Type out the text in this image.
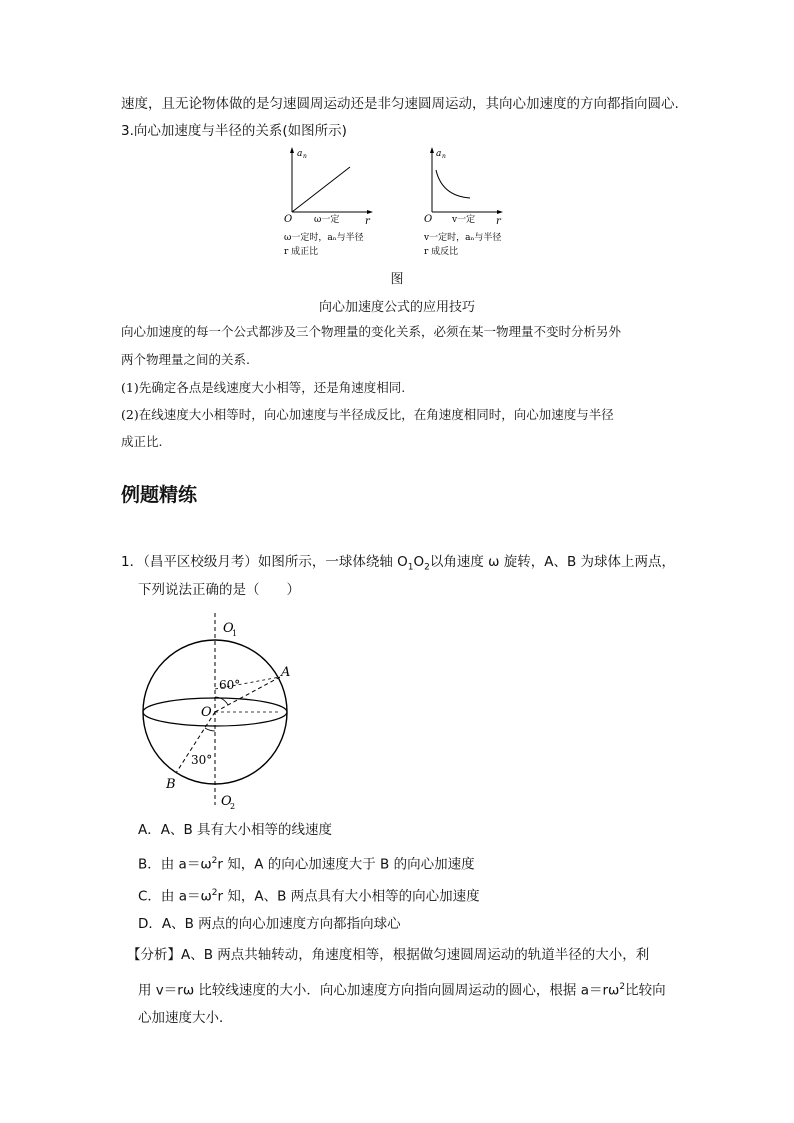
速度，且无论物体做的是匀速圆周运动还是非匀速圆周运动，其向心加速度的方向都指向圆心.
3.向心加速度与半径的关系(如图所示)
a n
O	r
ω一定
ω一定时，aₙ与半径
r 成正比
a n
O	r
v一定
v一定时，aₙ与半径
r 成反比
图
向心加速度公式的应用技巧
向心加速度的每一个公式都涉及三个物理量的变化关系，必须在某一物理量不变时分析另外
两个物理量之间的关系.
(1)先确定各点是线速度大小相等，还是角速度相同.
(2)在线速度大小相等时，向心加速度与半径成反比，在角速度相同时，向心加速度与半径
成正比.
例题精练
1．（昌平区校级月考）如图所示，一球体绕轴 $O_1O_2$以角速度 ω 旋转，A、B 为球体上两点，
下列说法正确的是（　　）
O
1
O
2
O
A
B
60°
30°
A．A、B 具有大小相等的线速度
B．由 $a=\omega^2r$ 知，A 的向心加速度大于 B 的向心加速度
C．由 $a=\omega^2r$ 知，A、B 两点具有大小相等的向心加速度
D．A、B 两点的向心加速度方向都指向球心
【分析】A、B 两点共轴转动，角速度相等，根据做匀速圆周运动的轨道半径的大小，利
用 v＝rω 比较线速度的大小．向心加速度方向指向圆周运动的圆心，根据 $a=r\omega^2$比较向
心加速度大小．
